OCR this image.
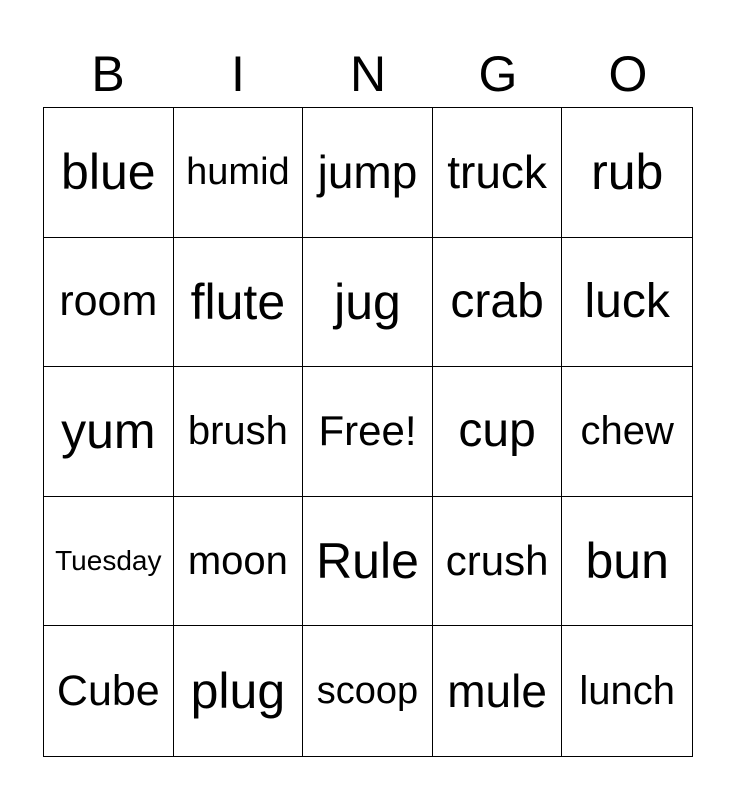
B	I	N	G	O
blue humid jump truck rub
room flute jug	crab luck
yum brush Free! cup	chew
Tuesday moon Rule crush bun
Cube plug scoop mule lunch
